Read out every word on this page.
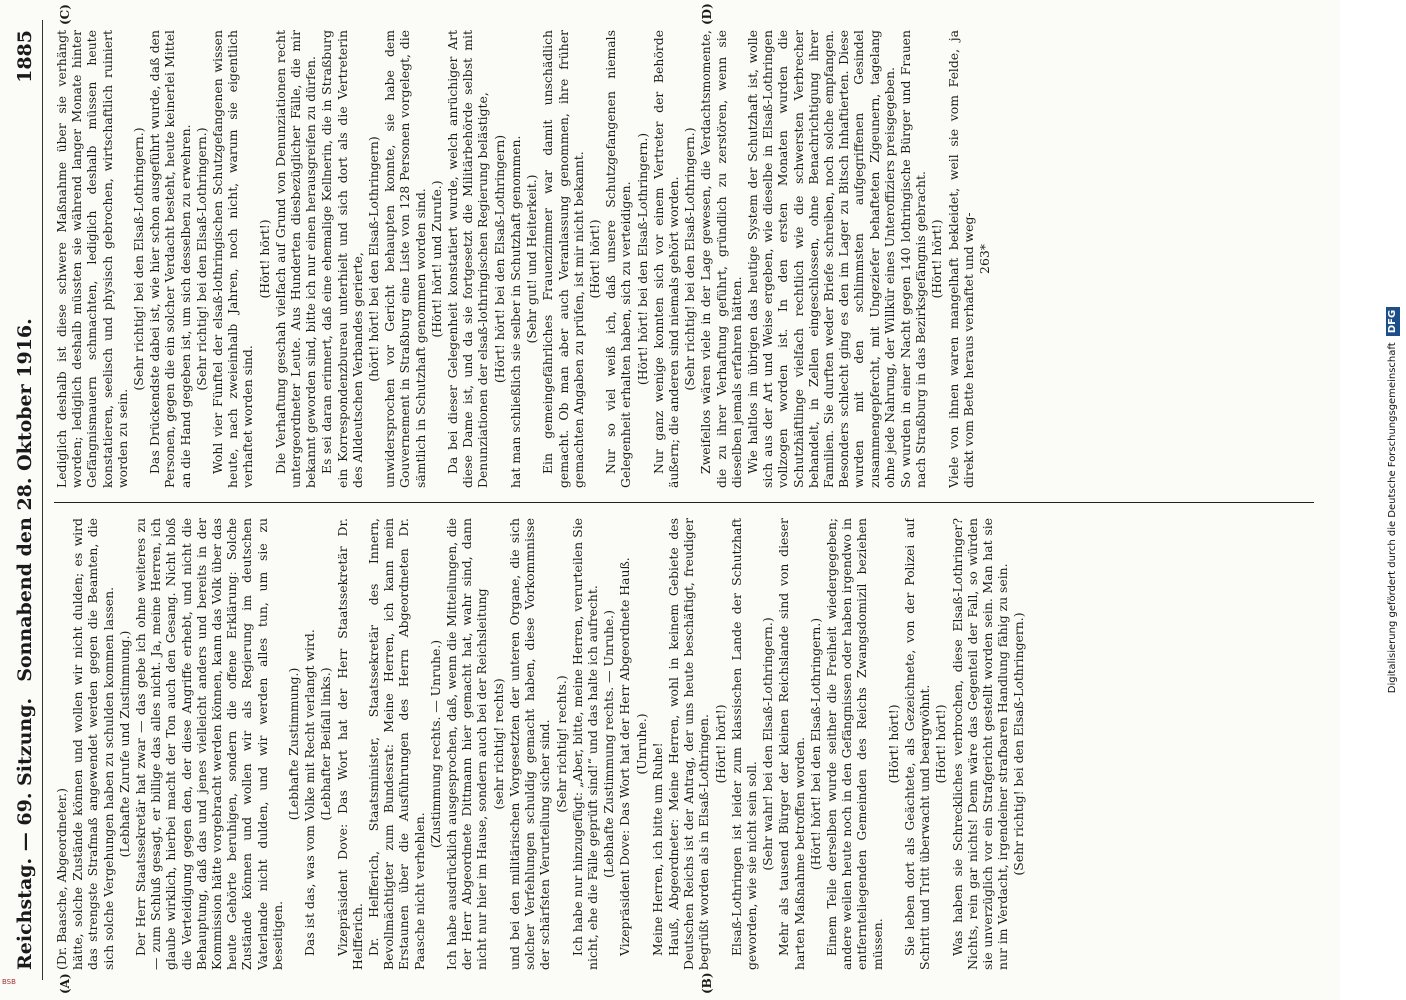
Reichstag. — 69. Sitzung.
Sonnabend den 28. Oktober 1916.
1885
(A)	(B)
(C)	(D)

(Dr. Baasche, Abgeordneter.) hätte, solche Zustände können und wollen wir nicht dulden; es wird das strengste Strafmaß angewendet werden gegen die Beamten, die sich solche Vergehungen haben zu schulden kommen lassen. (Lebhafte Zurufe und Zustimmung.) Der Herr Staatssekretär hat zwar — das gebe ich ohne weiteres zu — zum Schluß gesagt, er billige das alles nicht. Ja, meine Herren, ich glaube wirklich, hierbei macht der Ton auch den Gesang. Nicht bloß die Verteidigung gegen den, der diese Angriffe erhebt, und nicht die Behauptung, daß das und jenes vielleicht anders und bereits in der Kommission hätte vorgebracht werden können, kann das Volk über das heute Gehörte beruhigen, sondern die offene Erklärung: Solche Zustände können und wollen wir als Regierung im deutschen Vaterlande nicht dulden, und wir werden alles tun, um sie zu beseitigen.

(Lebhafte Zustimmung.) Das ist das, was vom Volke mit Recht verlangt wird. (Lebhafter Beifall links.) Vizepräsident Dove: Das Wort hat der Herr Staatssekretär Dr. Helfferich. Dr. Helfferich, Staatsminister, Staatssekretär des Innern, Bevollmächtigter zum Bundesrat: Meine Herren, ich kann mein Erstaunen über die Ausführungen des Herrn Abgeordneten Dr. Paasche nicht verhehlen.

(Zustimmung rechts. — Unruhe.) Ich habe ausdrücklich ausgesprochen, daß, wenn die Mitteilungen, die der Herr Abgeordnete Dittmann hier gemacht hat, wahr sind, dann nicht nur hier im Hause, sondern auch bei der Reichsleitung (sehr richtig! rechts) und bei den militärischen Vorgesetzten der unteren Organe, die sich solcher Verfehlungen schuldig gemacht haben, diese Vorkommnisse der schärfsten Verurteilung sicher sind. (Sehr richtig! rechts.) Ich habe nur hinzugefügt: „Aber, bitte, meine Herren, verurteilen Sie nicht, ehe die Fälle geprüft sind!“ und das halte ich aufrecht. (Lebhafte Zustimmung rechts. — Unruhe.) Vizepräsident Dove: Das Wort hat der Herr Abgeordnete Hauß. (Unruhe.) Meine Herren, ich bitte um Ruhe! Hauß, Abgeordneter: Meine Herren, wohl in keinem Gebiete des Deutschen Reichs ist der Antrag, der uns heute beschäftigt, freudiger begrüßt worden als in Elsaß-Lothringen. (Hört! hört!) Elsaß-Lothringen ist leider zum klassischen Lande der Schutzhaft geworden, wie sie nicht sein soll. (Sehr wahr! bei den Elsaß-Lothringern.) Mehr als tausend Bürger der kleinen Reichslande sind von dieser harten Maßnahme betroffen worden. (Hört! hört! bei den Elsaß-Lothringern.) Einem Teile derselben wurde seither die Freiheit wiedergegeben; andere weilen heute noch in den Gefängnissen oder haben irgendwo in entfernteliegenden Gemeinden des Reichs Zwangsdomizil beziehen müssen.

(Hört! hört!) Sie leben dort als Geächtete, als Gezeichnete, von der Polizei auf Schritt und Tritt überwacht und beargwöhnt. (Hört! hört!) Was haben sie Schreckliches verbrochen, diese Elsaß-Lothringer? Nichts, rein gar nichts! Denn wäre das Gegenteil der Fall, so würden sie unverzüglich vor ein Strafgericht gestellt worden sein. Man hat sie nur im Verdacht, irgendeiner strafbaren Handlung fähig zu sein. (Sehr richtig! bei den Elsaß-Lothringern.)

Lediglich deshalb ist diese schwere Maßnahme über sie verhängt worden; lediglich deshalb müssten sie während langer Monate hinter Gefängnismauern schmachten, lediglich deshalb müssen heute konstatieren, seelisch und physisch gebrochen, wirtschaftlich ruiniert worden zu sein.

(Sehr richtig! bei den Elsaß-Lothringern.) Das Drückendste dabei ist, wie hier schon ausgeführt wurde, daß den Personen, gegen die ein solcher Verdacht besteht, heute keinerlei Mittel an die Hand gegeben ist, um sich desselben zu erwehren. (Sehr richtig! bei den Elsaß-Lothringern.) Wohl vier Fünftel der elsaß-lothringischen Schutzgefangenen wissen heute, nach zweieinhalb Jahren, noch nicht, warum sie eigentlich verhaftet worden sind.

(Hört! hört!) Die Verhaftung geschah vielfach auf Grund von Denunziationen recht untergeordneter Leute. Aus Hunderten diesbezüglicher Fälle, die mir bekannt geworden sind, bitte ich nur einen herausgreifen zu dürfen. Es sei daran erinnert, daß eine ehemalige Kellnerin, die in Straßburg ein Korrespondenzbureau unterhielt und sich dort als die Vertreterin des Alldeutschen Verbandes gerierte, (hört! hört! bei den Elsaß-Lothringern) unwidersprochen vor Gericht behaupten konnte, sie habe dem Gouvernement in Straßburg eine Liste von 128 Personen vorgelegt, die sämtlich in Schutzhaft genommen worden sind. (Hört! hört! und Zurufe.) Da bei dieser Gelegenheit konstatiert wurde, welch anrüchiger Art diese Dame ist, und da sie fortgesetzt die Militärbehörde selbst mit Denunziationen der elsaß-lothringischen Regierung belästigte, (Hört! hört! bei den Elsaß-Lothringern) hat man schließlich sie selber in Schutzhaft genommen. (Sehr gut! und Heiterkeit.) Ein gemeingefährliches Frauenzimmer war damit unschädlich gemacht. Ob man aber auch Veranlassung genommen, ihre früher gemachten Angaben zu prüfen, ist mir nicht bekannt. (Hört! hört!) Nur so viel weiß ich, daß unsere Schutzgefangenen niemals Gelegenheit erhalten haben, sich zu verteidigen. (Hört! hört! bei den Elsaß-Lothringern.) Nur ganz wenige konnten sich vor einem Vertreter der Behörde äußern; die anderen sind niemals gehört worden. (Sehr richtig! bei den Elsaß-Lothringern.) Zweifellos wären viele in der Lage gewesen, die Verdachtsmomente, die zu ihrer Verhaftung geführt, gründlich zu zerstören, wenn sie dieselben jemals erfahren hätten. Wie haltlos im übrigen das heutige System der Schutzhaft ist, wolle sich aus der Art und Weise ergeben, wie dieselbe in Elsaß-Lothringen vollzogen worden ist. In den ersten Monaten wurden die Schutzhäftlinge vielfach rechtlich wie die schwersten Verbrecher behandelt, in Zellen eingeschlossen, ohne Benachrichtigung ihrer Familien. Sie durften weder Briefe schreiben, noch solche empfangen. Besonders schlecht ging es den im Lager zu Bitsch Inhaftierten. Diese wurden mit den schlimmsten aufgegriffenen Gesindel zusammengepfercht, mit Ungeziefer behafteten Zigeunern, tagelang ohne jede Nahrung, der Willkür eines Unteroffiziers preisgegeben. So wurden in einer Nacht gegen 140 lothringische Bürger und Frauen nach Straßburg in das Bezirksgefängnis gebracht. (Hört! hört!) Viele von ihnen waren mangelhaft bekleidet, weil sie vom Felde, ja direkt vom Bette heraus verhaftet und weg- 263*

Digitalisierung gefördert durch die Deutsche Forschungsgemeinschaft DFG
BSB
